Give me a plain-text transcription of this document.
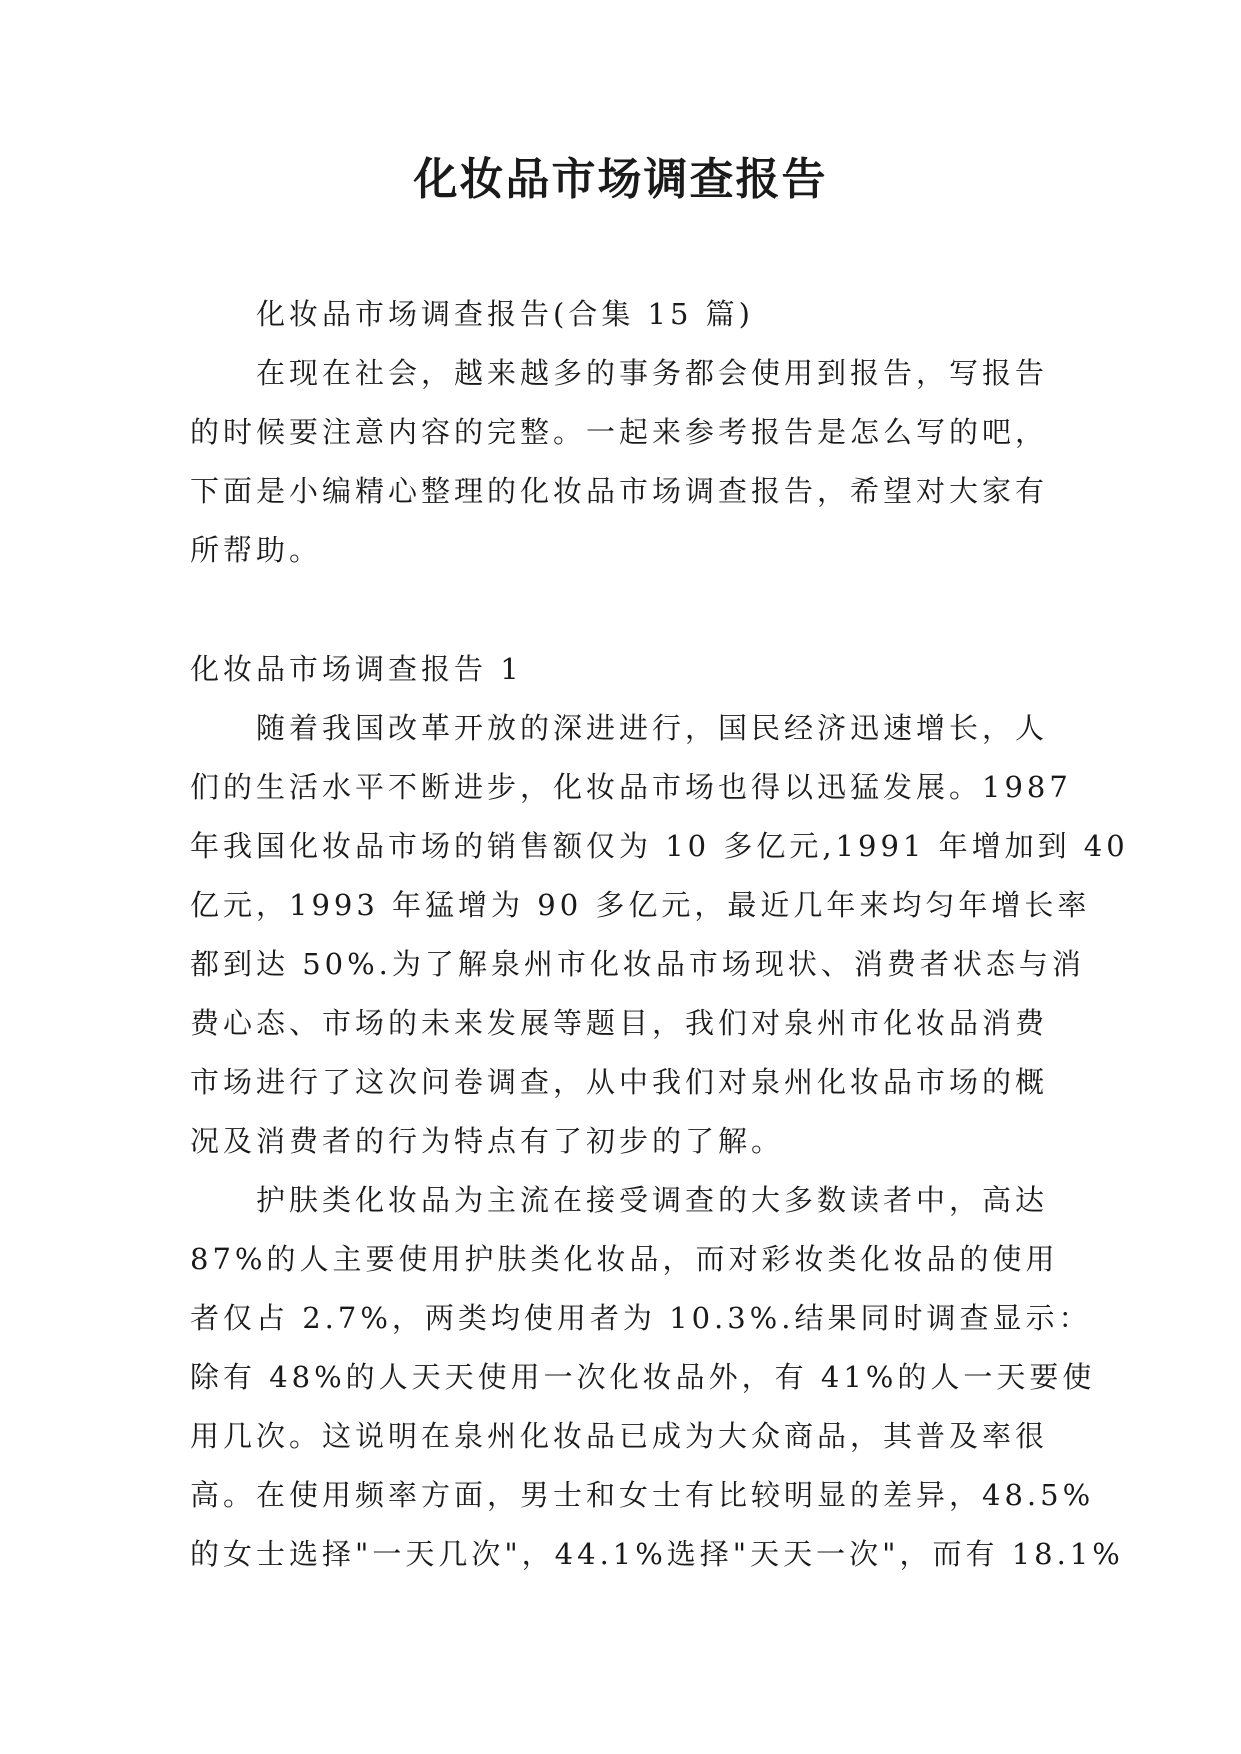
化妆品市场调查报告

化妆品市场调查报告(合集 15 篇)

在现在社会，越来越多的事务都会使用到报告，写报告

的时候要注意内容的完整。一起来参考报告是怎么写的吧，

下面是小编精心整理的化妆品市场调查报告，希望对大家有

所帮助。

化妆品市场调查报告 1

随着我国改革开放的深进进行，国民经济迅速增长，人

们的生活水平不断进步，化妆品市场也得以迅猛发展。1987

年我国化妆品市场的销售额仅为 10 多亿元,1991 年增加到 40

亿元，1993 年猛增为 90 多亿元，最近几年来均匀年增长率

都到达 50%.为了解泉州市化妆品市场现状、消费者状态与消

费心态、市场的未来发展等题目，我们对泉州市化妆品消费

市场进行了这次问卷调查，从中我们对泉州化妆品市场的概

况及消费者的行为特点有了初步的了解。

护肤类化妆品为主流在接受调查的大多数读者中，高达

87%的人主要使用护肤类化妆品，而对彩妆类化妆品的使用

者仅占 2.7%，两类均使用者为 10.3%.结果同时调查显示：

除有 48%的人天天使用一次化妆品外，有 41%的人一天要使

用几次。这说明在泉州化妆品已成为大众商品，其普及率很

高。在使用频率方面，男士和女士有比较明显的差异，48.5%

的女士选择"一天几次"，44.1%选择"天天一次"，而有 18.1%
